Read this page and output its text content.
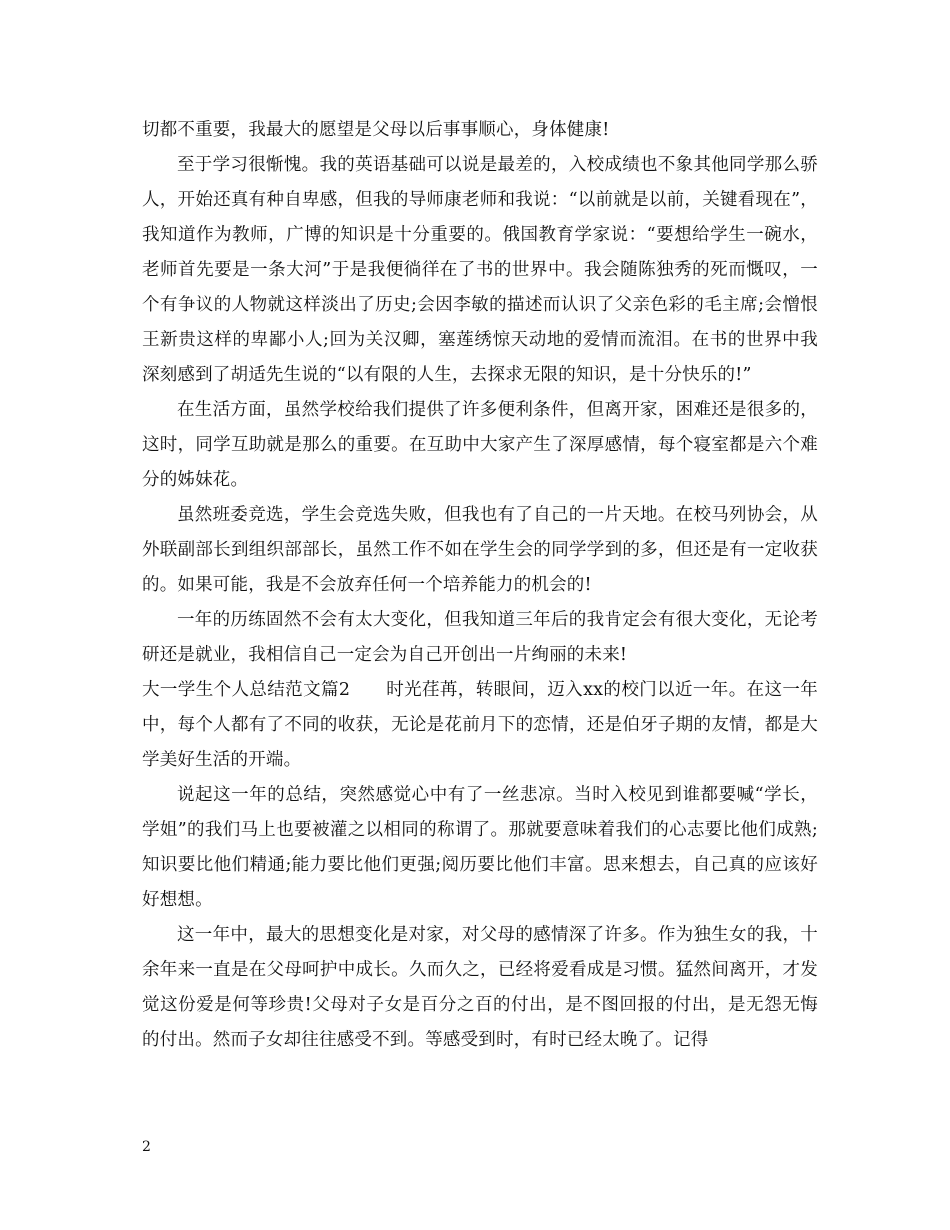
切都不重要，我最大的愿望是父母以后事事顺心，身体健康!

至于学习很惭愧。我的英语基础可以说是最差的，入校成绩也不象其他同学那么骄人，开始还真有种自卑感，但我的导师康老师和我说：“以前就是以前，关键看现在”，我知道作为教师，广博的知识是十分重要的。俄国教育学家说：“要想给学生一碗水，老师首先要是一条大河”于是我便徜徉在了书的世界中。我会随陈独秀的死而慨叹，一个有争议的人物就这样淡出了历史;会因李敏的描述而认识了父亲色彩的毛主席;会憎恨王新贵这样的卑鄙小人;回为关汉卿，塞莲绣惊天动地的爱情而流泪。在书的世界中我深刻感到了胡适先生说的“以有限的人生，去探求无限的知识，是十分快乐的!”

在生活方面，虽然学校给我们提供了许多便利条件，但离开家，困难还是很多的，这时，同学互助就是那么的重要。在互助中大家产生了深厚感情，每个寝室都是六个难分的姊妹花。

虽然班委竞选，学生会竞选失败，但我也有了自己的一片天地。在校马列协会，从外联副部长到组织部部长，虽然工作不如在学生会的同学学到的多，但还是有一定收获的。如果可能，我是不会放弃任何一个培养能力的机会的!

一年的历练固然不会有太大变化，但我知道三年后的我肯定会有很大变化，无论考研还是就业，我相信自己一定会为自己开创出一片绚丽的未来!

大一学生个人总结范文篇2　　时光荏苒，转眼间，迈入xx的校门以近一年。在这一年中，每个人都有了不同的收获，无论是花前月下的恋情，还是伯牙子期的友情，都是大学美好生活的开端。

说起这一年的总结，突然感觉心中有了一丝悲凉。当时入校见到谁都要喊“学长，学姐”的我们马上也要被灌之以相同的称谓了。那就要意味着我们的心志要比他们成熟;知识要比他们精通;能力要比他们更强;阅历要比他们丰富。思来想去，自己真的应该好好想想。

这一年中，最大的思想变化是对家，对父母的感情深了许多。作为独生女的我，十余年来一直是在父母呵护中成长。久而久之，已经将爱看成是习惯。猛然间离开，才发觉这份爱是何等珍贵!父母对子女是百分之百的付出，是不图回报的付出，是无怨无悔的付出。然而子女却往往感受不到。等感受到时，有时已经太晚了。记得

2
